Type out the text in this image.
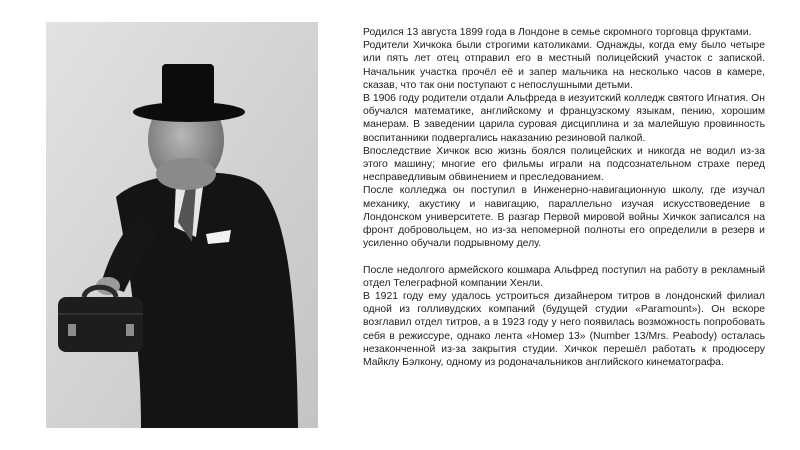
Родился 13 августа 1899 года в Лондоне в семье скромного торговца фруктами.

Родители Хичкока были строгими католиками. Однажды, когда ему было четыре или пять лет отец отправил его в местный полицейский участок с запиской. Начальник участка прочёл её и запер мальчика на несколько часов в камере, сказав, что так они поступают с непослушными детьми.

В 1906 году родители отдали Альфреда в иезуитский колледж святого Игнатия. Он обучался математике, английскому и французскому языкам, пению, хорошим манерам. В заведении царила суровая дисциплина и за малейшую провинность воспитанники подвергались наказанию резиновой палкой.

Впоследствие Хичкок всю жизнь боялся полицейских и никогда не водил из-за этого машину; многие его фильмы играли на подсознательном страхе перед несправедливым обвинением и преследованием.

После колледжа он поступил в Инженерно-навигационную школу, где изучал механику, акустику и навигацию, параллельно изучая искусствоведение в Лондонском университете. В разгар Первой мировой войны Хичкок записался на фронт добровольцем, но из-за непомерной полноты его определили в резерв и усиленно обучали подрывному делу.

После недолгого армейского кошмара Альфред поступил на работу в рекламный отдел Телеграфной компании Хенли.

В 1921 году ему удалось устроиться дизайнером титров в лондонский филиал одной из голливудских компаний (будущей студии «Paramount»). Он вскоре возглавил отдел титров, а в 1923 году у него появилась возможность попробовать себя в режиссуре, однако лента «Номер 13» (Number 13/Mrs. Peabody) осталась незаконченной из-за закрытия студии. Хичкок перешёл работать к продюсеру Майклу Бэлкону, одному из родоначальников английского кинематографа.
